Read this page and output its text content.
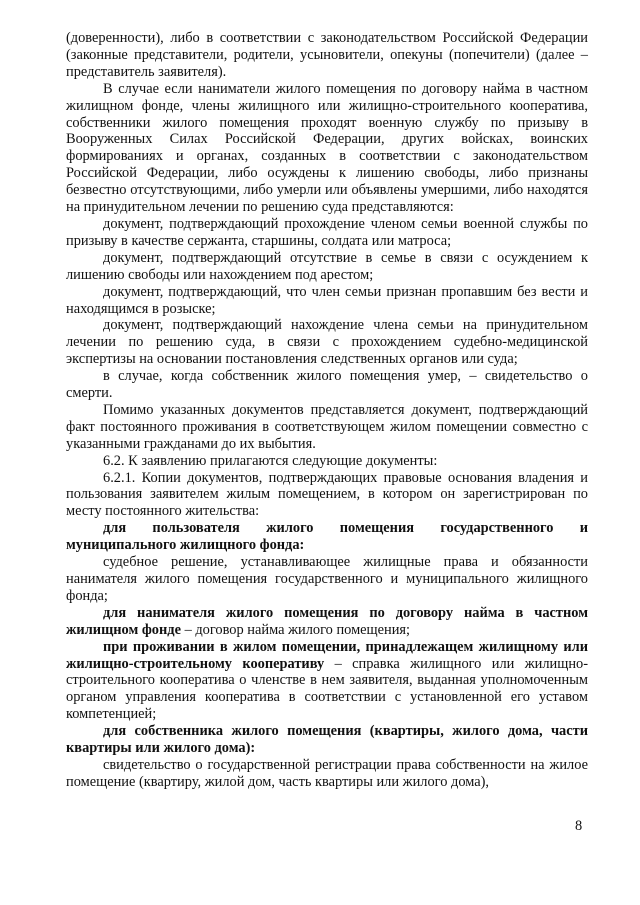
(доверенности), либо в соответствии с законодательством Российской Федерации (законные представители, родители, усыновители, опекуны (попечители) (далее – представитель заявителя).

В случае если наниматели жилого помещения по договору найма в частном жилищном фонде, члены жилищного или жилищно-строительного кооператива, собственники жилого помещения проходят военную службу по призыву в Вооруженных Силах Российской Федерации, других войсках, воинских формированиях и органах, созданных в соответствии с законодательством Российской Федерации, либо осуждены к лишению свободы, либо признаны безвестно отсутствующими, либо умерли или объявлены умершими, либо находятся на принудительном лечении по решению суда представляются:

документ, подтверждающий прохождение членом семьи военной службы по призыву в качестве сержанта, старшины, солдата или матроса;

документ, подтверждающий отсутствие в семье в связи с осуждением к лишению свободы или нахождением под арестом;

документ, подтверждающий, что член семьи признан пропавшим без вести и находящимся в розыске;

документ, подтверждающий нахождение члена семьи на принудительном лечении по решению суда, в связи с прохождением судебно-медицинской экспертизы на основании постановления следственных органов или суда;

в случае, когда собственник жилого помещения умер, – свидетельство о смерти.

Помимо указанных документов представляется документ, подтверждающий факт постоянного проживания в соответствующем жилом помещении совместно с указанными гражданами до их выбытия.

6.2. К заявлению прилагаются следующие документы:

6.2.1. Копии документов, подтверждающих правовые основания владения и пользования заявителем жилым помещением, в котором он зарегистрирован по месту постоянного жительства:

для пользователя жилого помещения государственного и муниципального жилищного фонда:

судебное решение, устанавливающее жилищные права и обязанности нанимателя жилого помещения государственного и муниципального жилищного фонда;

для нанимателя жилого помещения по договору найма в частном жилищном фонде – договор найма жилого помещения;

при проживании в жилом помещении, принадлежащем жилищному или жилищно-строительному кооперативу – справка жилищного или жилищно-строительного кооператива о членстве в нем заявителя, выданная уполномоченным органом управления кооператива в соответствии с установленной его уставом компетенцией;

для собственника жилого помещения (квартиры, жилого дома, части квартиры или жилого дома):

свидетельство о государственной регистрации права собственности на жилое помещение (квартиру, жилой дом, часть квартиры или жилого дома),

8
